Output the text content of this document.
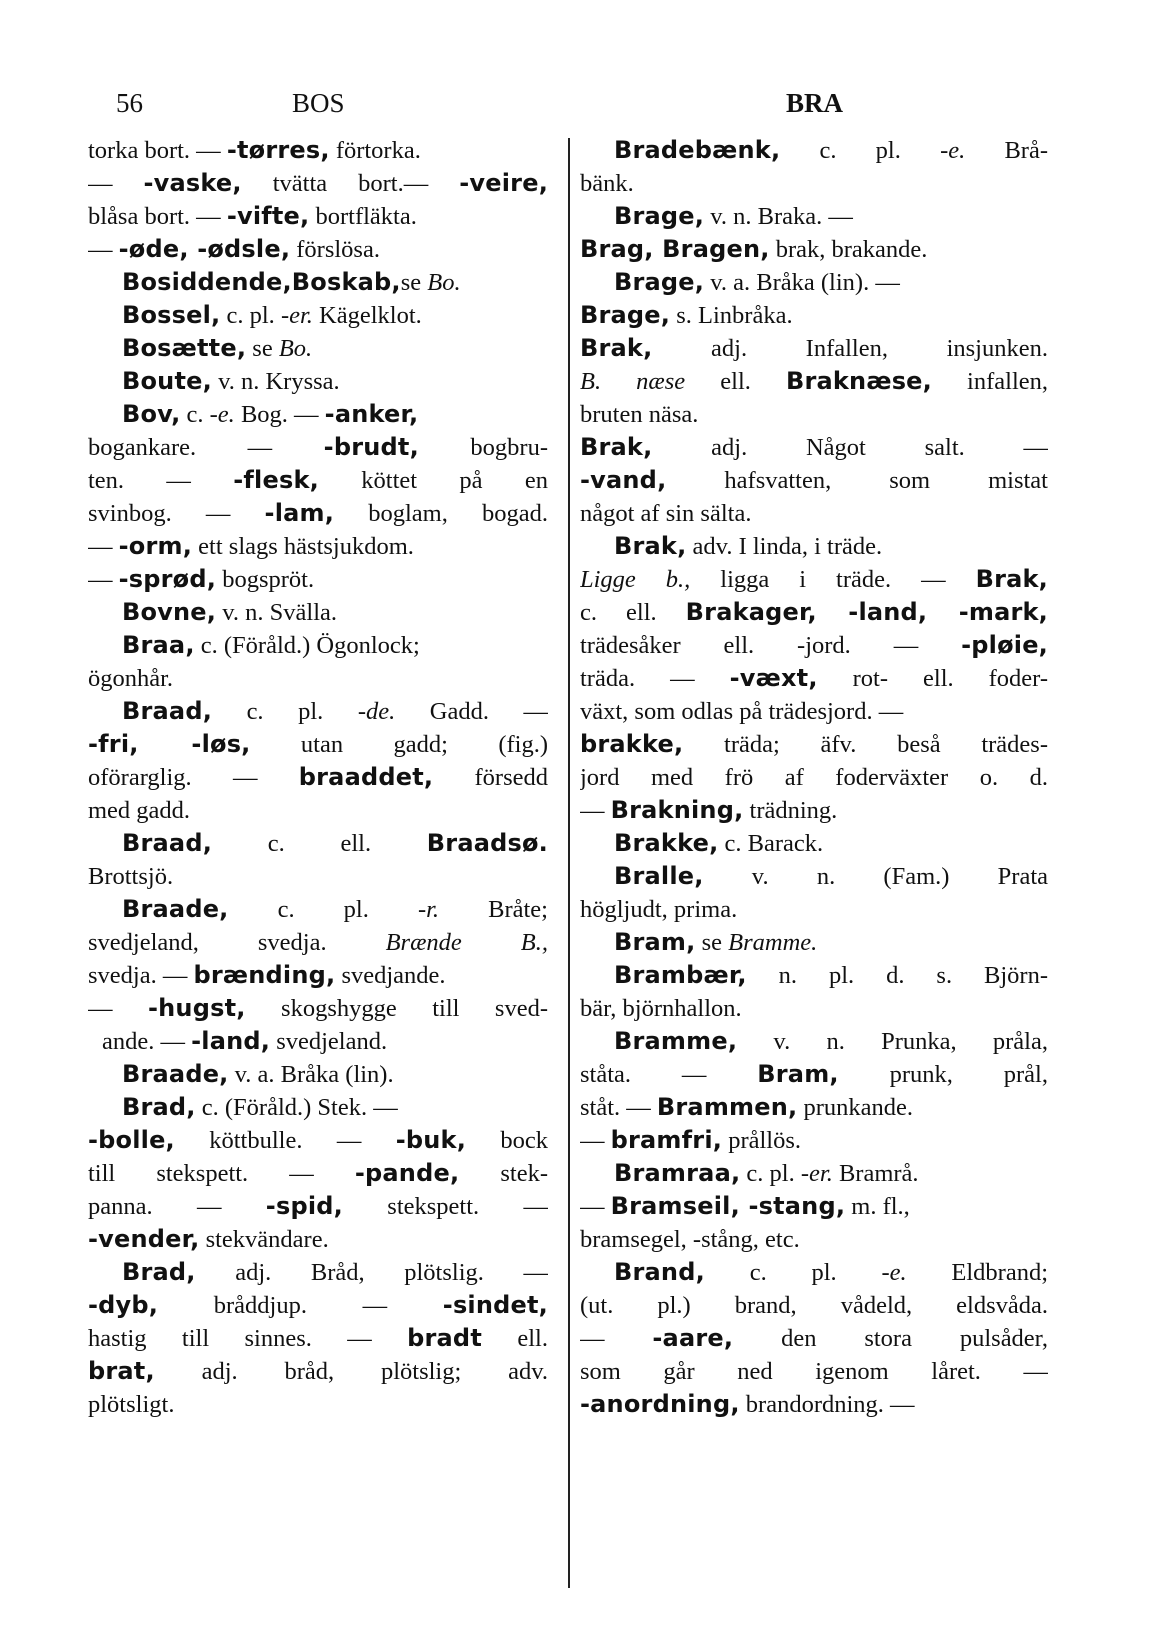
56	BOS	BRA
torka bort. — -tørres, förtorka.
— -vaske, tvätta bort.— -veire,
blåsa bort. — -vifte, bortfläkta.
— -øde, -ødsle, förslösa.
Bosiddende,Boskab,se Bo.
Bossel, c. pl. -er. Kägelklot.
Bosætte, se Bo.
Boute, v. n. Kryssa.
Bov, c. -e. Bog. — -anker,
bogankare. — -brudt, bogbru-
ten. — -flesk, köttet på en
svinbog. — -lam, boglam, bogad.
— -orm, ett slags hästsjukdom.
— -sprød, bogspröt.
Bovne, v. n. Svälla.
Braa, c. (Föråld.) Ögonlock;
ögonhår.
Braad, c. pl. -de. Gadd. —
-fri, -løs, utan gadd; (fig.)
oförarglig. — braaddet, försedd
med gadd.
Braad, c. ell. Braadsø.
Brottsjö.
Braade, c. pl. -r. Bråte;
svedjeland, svedja. Brænde B.,
svedja. — brænding, svedjande.
— -hugst, skogshygge till sved-
ande. — -land, svedjeland.
Braade, v. a. Bråka (lin).
Brad, c. (Föråld.) Stek. —
-bolle, köttbulle. — -buk, bock
till stekspett. — -pande, stek-
panna. — -spid, stekspett. —
-vender, stekvändare.
Brad, adj. Bråd, plötslig. —
-dyb, bråddjup. — -sindet,
hastig till sinnes. — bradt ell.
brat, adj. bråd, plötslig; adv.
plötsligt.
Bradebænk, c. pl. -e. Brå-
bänk.
Brage, v. n. Braka. —
Brag, Bragen, brak, brakande.
Brage, v. a. Bråka (lin). —
Brage, s. Linbråka.
Brak, adj. Infallen, insjunken.
B. næse ell. Braknæse, infallen,
bruten näsa.
Brak, adj. Något salt. —
-vand, hafsvatten, som mistat
något af sin sälta.
Brak, adv. I linda, i träde.
Ligge b., ligga i träde. — Brak,
c. ell. Brakager, -land, -mark,
trädesåker ell. -jord. — -pløie,
träda. — -væxt, rot- ell. foder-
växt, som odlas på trädesjord. —
brakke, träda; äfv. beså trädes-
jord med frö af foderväxter o. d.
— Brakning, trädning.
Brakke, c. Barack.
Bralle, v. n. (Fam.) Prata
högljudt, prima.
Bram, se Bramme.
Brambær, n. pl. d. s. Björn-
bär, björnhallon.
Bramme, v. n. Prunka, pråla,
ståta. — Bram, prunk, prål,
ståt. — Brammen, prunkande.
— bramfri, prållös.
Bramraa, c. pl. -er. Bramrå.
— Bramseil, -stang, m. fl.,
bramsegel, -stång, etc.
Brand, c. pl. -e. Eldbrand;
(ut. pl.) brand, vådeld, eldsvåda.
— -aare, den stora pulsåder,
som går ned igenom låret. —
-anordning, brandordning. —
